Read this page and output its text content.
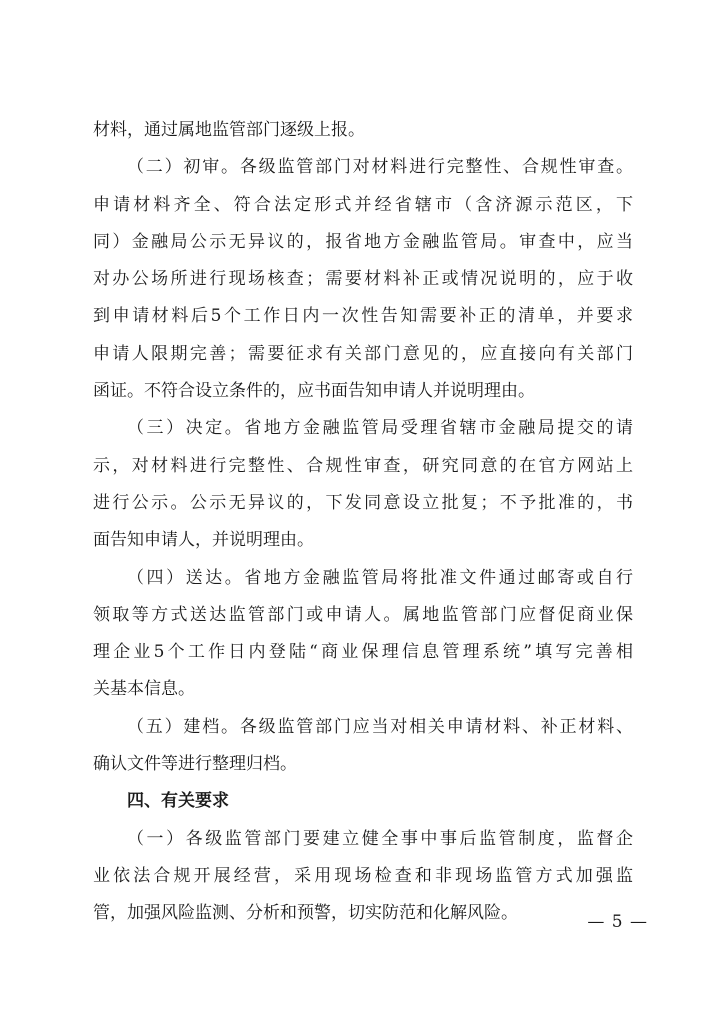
材料，通过属地监管部门逐级上报。
（二）初审。各级监管部门对材料进行完整性、合规性审查。
申请材料齐全、符合法定形式并经省辖市（含济源示范区，下
同）金融局公示无异议的，报省地方金融监管局。审查中，应当
对办公场所进行现场核查；需要材料补正或情况说明的，应于收
到申请材料后5个工作日内一次性告知需要补正的清单，并要求
申请人限期完善；需要征求有关部门意见的，应直接向有关部门
函证。不符合设立条件的，应书面告知申请人并说明理由。
（三）决定。省地方金融监管局受理省辖市金融局提交的请
示，对材料进行完整性、合规性审查，研究同意的在官方网站上
进行公示。公示无异议的，下发同意设立批复；不予批准的，书
面告知申请人，并说明理由。
（四）送达。省地方金融监管局将批准文件通过邮寄或自行
领取等方式送达监管部门或申请人。属地监管部门应督促商业保
理企业5个工作日内登陆“商业保理信息管理系统”填写完善相
关基本信息。
（五）建档。各级监管部门应当对相关申请材料、补正材料、
确认文件等进行整理归档。
四、有关要求
（一）各级监管部门要建立健全事中事后监管制度，监督企
业依法合规开展经营，采用现场检查和非现场监管方式加强监
管，加强风险监测、分析和预警，切实防范和化解风险。	— 5 —
